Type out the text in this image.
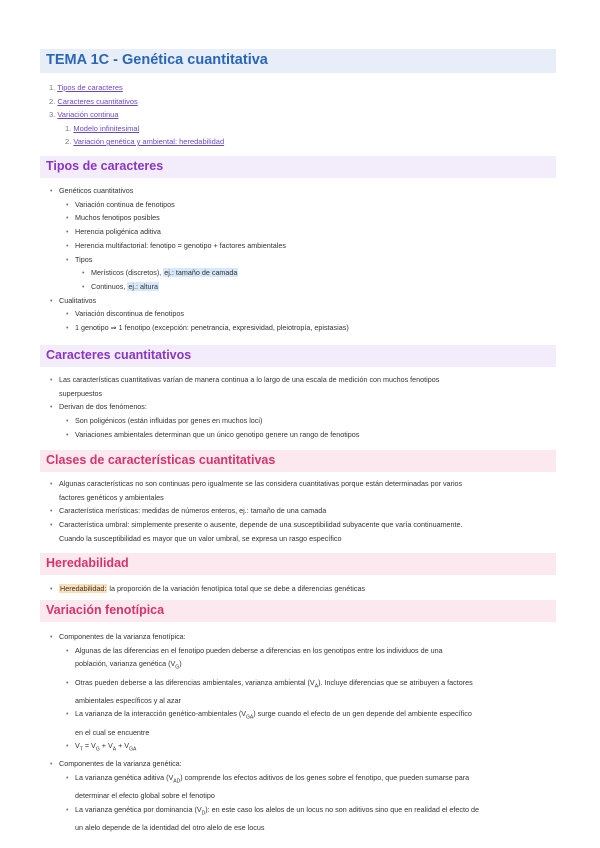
TEMA 1C - Genética cuantitativa
1. Tipos de caracteres
2. Caracteres cuantitativos
3. Variación continua
1. Modelo infinitesimal
2. Variación genética y ambiental: heredabilidad
Tipos de caracteres
• Genéticos cuantitativos
• Variación continua de fenotipos
• Muchos fenotipos posibles
• Herencia poligénica aditiva
• Herencia multifactorial: fenotipo = genotipo + factores ambientales
• Tipos
• Merísticos (discretos), ej.: tamaño de camada
• Continuos, ej.: altura
• Cualitativos
• Variación discontinua de fenotipos
• 1 genotipo ⇒ 1 fenotipo (excepción: penetrancia, expresividad, pleiotropía, epistasias)
Caracteres cuantitativos
• Las características cuantitativas varían de manera continua a lo largo de una escala de medición con muchos fenotipos
superpuestos
• Derivan de dos fenómenos:
• Son poligénicos (están influidas por genes en muchos loci)
• Variaciones ambientales determinan que un único genotipo genere un rango de fenotipos
Clases de características cuantitativas
• Algunas características no son continuas pero igualmente se las considera cuantitativas porque están determinadas por varios
factores genéticos y ambientales
• Característica merísticas: medidas de números enteros, ej.: tamaño de una camada
• Característica umbral: simplemente presente o ausente, depende de una susceptibilidad subyacente que varía continuamente.
Cuando la susceptibilidad es mayor que un valor umbral, se expresa un rasgo específico
Heredabilidad
• Heredabilidad: la proporción de la variación fenotípica total que se debe a diferencias genéticas
Variación fenotípica
• Componentes de la varianza fenotípica:
• Algunas de las diferencias en el fenotipo pueden deberse a diferencias en los genotipos entre los individuos de una
población, varianza genética $(V_G)$
• Otras pueden deberse a las diferencias ambientales, varianza ambiental $(V_A)$. Incluye diferencias que se atribuyen a factores
ambientales específicos y al azar
• La varianza de la interacción genético-ambientales $(V_{GA})$ surge cuando el efecto de un gen depende del ambiente específico
en el cual se encuentre
• $V_T = V_G + V_A + V_{GA}$
• Componentes de la varianza genética:
• La varianza genética aditiva $(V_{AD})$ comprende los efectos aditivos de los genes sobre el fenotipo, que pueden sumarse para
determinar el efecto global sobre el fenotipo
• La varianza genética por dominancia $(V_D)$: en este caso los alelos de un locus no son aditivos sino que en realidad el efecto de
un alelo depende de la identidad del otro alelo de ese locus
